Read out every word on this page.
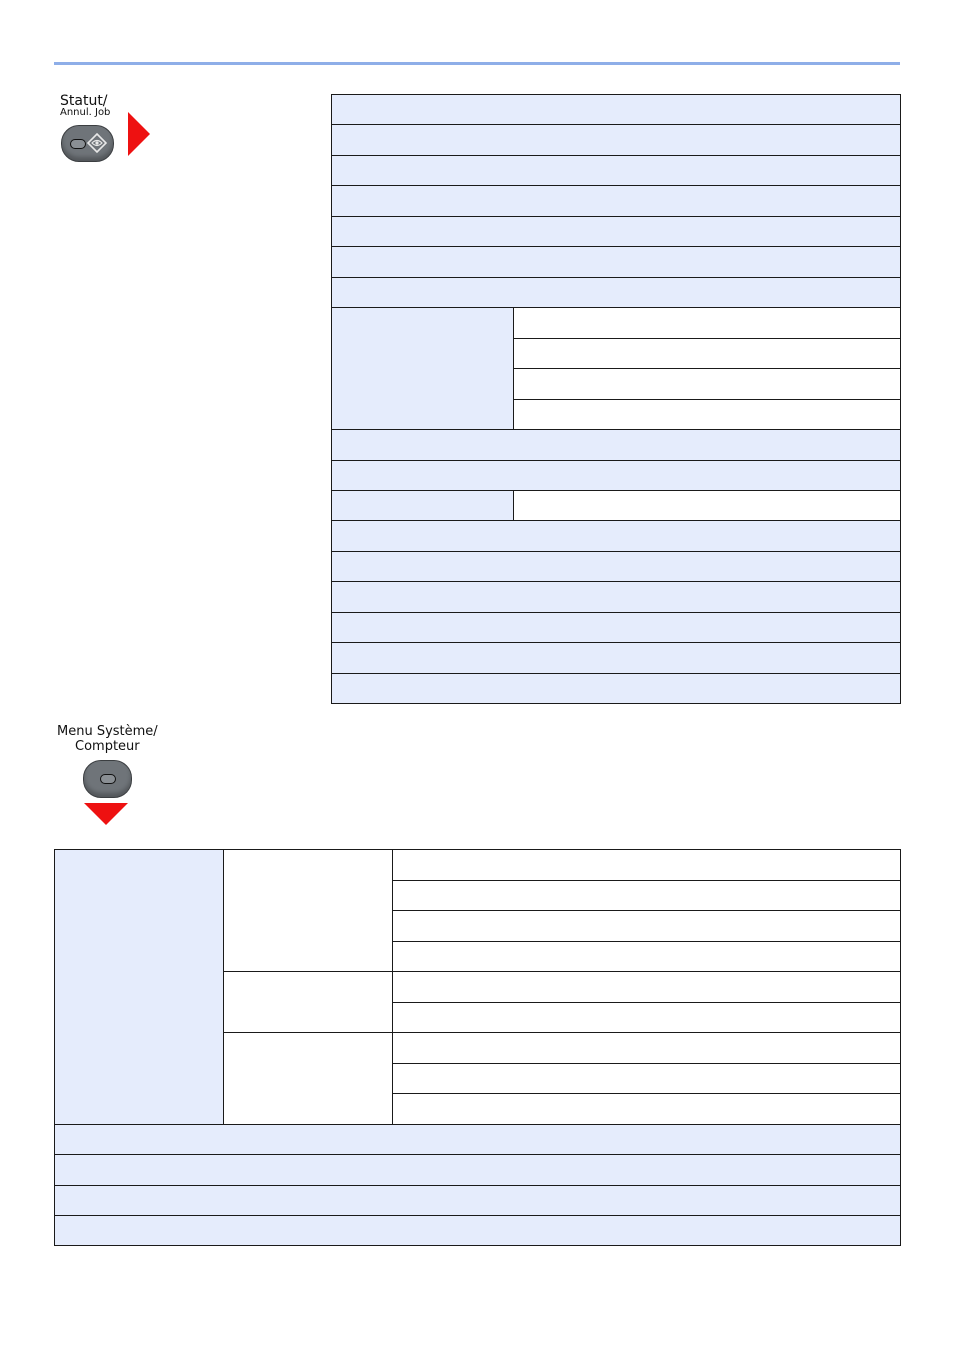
Statut/
Annul. Job
Menu Système/
Compteur
